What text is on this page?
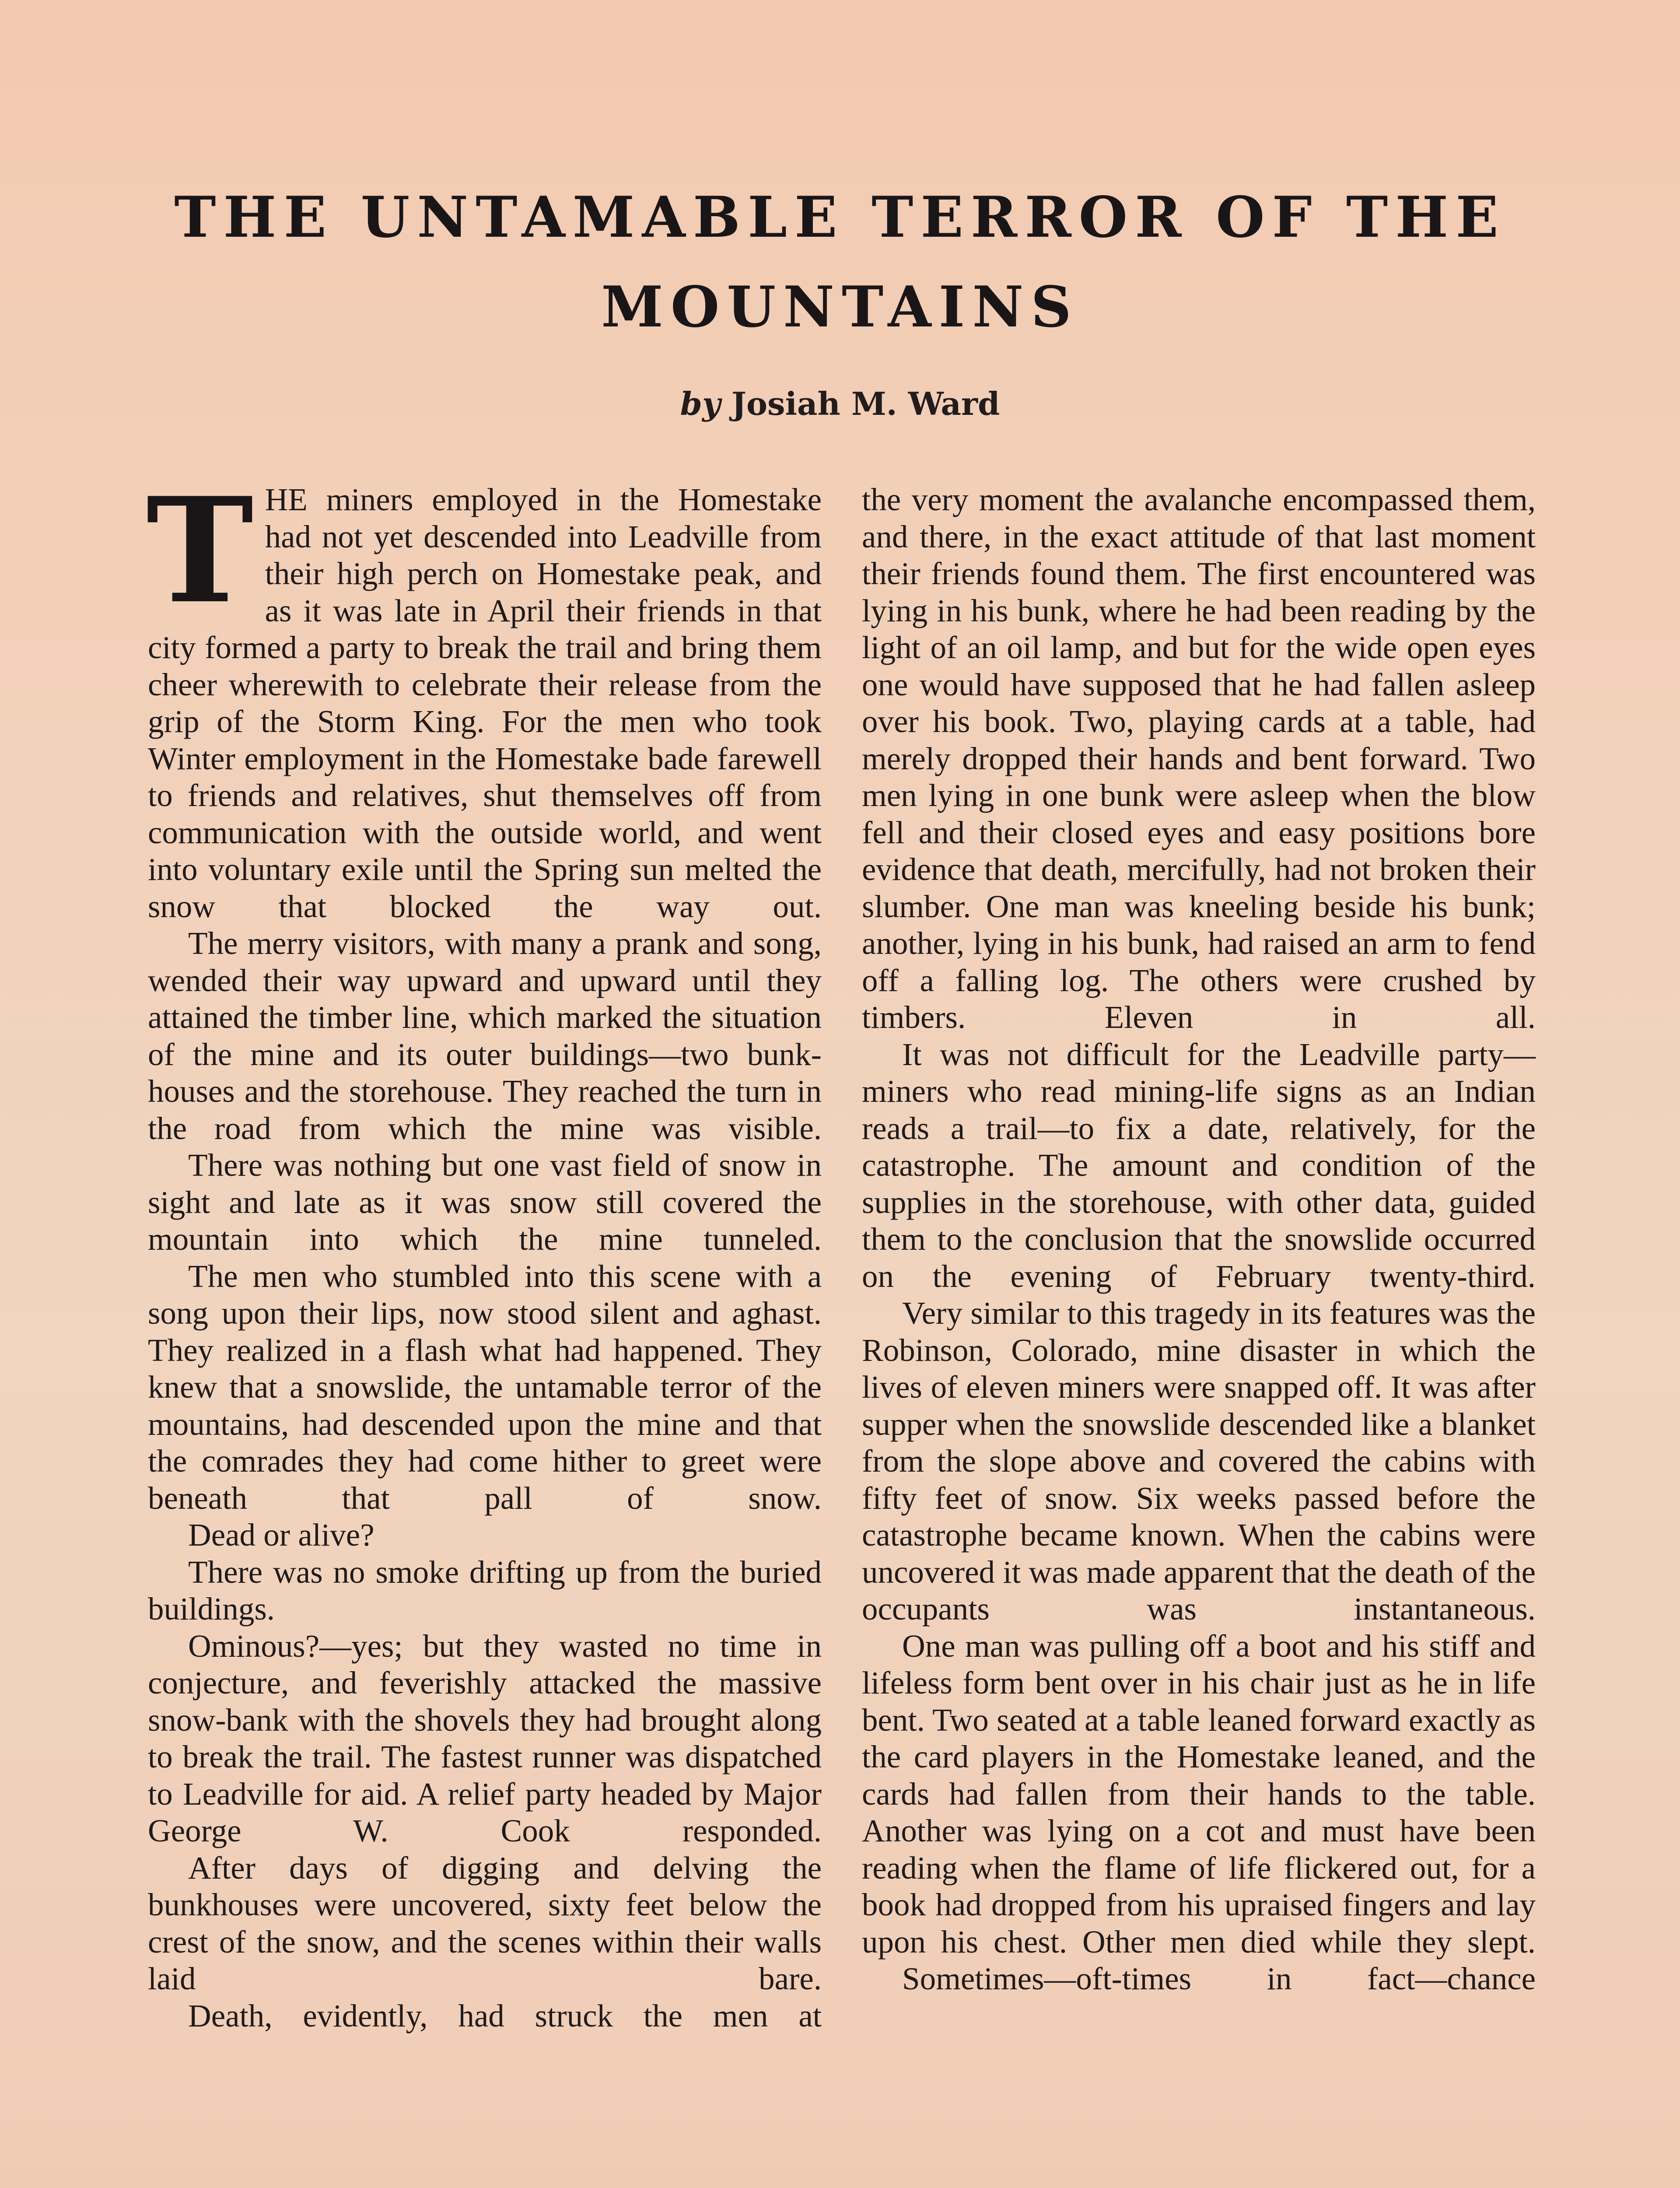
THE UNTAMABLE TERROR OF THE
MOUNTAINS

by Josiah M. Ward

THE miners employed in the Homestake had not yet descended into Leadville from their high perch on Homestake peak, and as it was late in April their friends in that city formed a party to break the trail and bring them cheer wherewith to celebrate their release from the grip of the Storm King. For the men who took Winter employment in the Homestake bade farewell to friends and relatives, shut themselves off from communication with the outside world, and went into voluntary exile until the Spring sun melted the snow that blocked the way out.

The merry visitors, with many a prank and song, wended their way upward and upward until they attained the timber line, which marked the situation of the mine and its outer buildings—two bunk-houses and the storehouse. They reached the turn in the road from which the mine was visible.

There was nothing but one vast field of snow in sight and late as it was snow still covered the mountain into which the mine tunneled.

The men who stumbled into this scene with a song upon their lips, now stood silent and aghast. They realized in a flash what had happened. They knew that a snowslide, the untamable terror of the mountains, had descended upon the mine and that the comrades they had come hither to greet were beneath that pall of snow.

Dead or alive?

There was no smoke drifting up from the buried buildings.

Ominous?—yes; but they wasted no time in conjecture, and feverishly attacked the massive snow-bank with the shovels they had brought along to break the trail. The fastest runner was dispatched to Leadville for aid. A relief party headed by Major George W. Cook responded.

After days of digging and delving the bunkhouses were uncovered, sixty feet below the crest of the snow, and the scenes within their walls laid bare.

Death, evidently, had struck the men at

the very moment the avalanche encompassed them, and there, in the exact attitude of that last moment their friends found them. The first encountered was lying in his bunk, where he had been reading by the light of an oil lamp, and but for the wide open eyes one would have supposed that he had fallen asleep over his book. Two, playing cards at a table, had merely dropped their hands and bent forward. Two men lying in one bunk were asleep when the blow fell and their closed eyes and easy positions bore evidence that death, mercifully, had not broken their slumber. One man was kneeling beside his bunk; another, lying in his bunk, had raised an arm to fend off a falling log. The others were crushed by timbers. Eleven in all.

It was not difficult for the Leadville party—miners who read mining-life signs as an Indian reads a trail—to fix a date, relatively, for the catastrophe. The amount and condition of the supplies in the storehouse, with other data, guided them to the conclusion that the snowslide occurred on the evening of February twenty-third.

Very similar to this tragedy in its features was the Robinson, Colorado, mine disaster in which the lives of eleven miners were snapped off. It was after supper when the snowslide descended like a blanket from the slope above and covered the cabins with fifty feet of snow. Six weeks passed before the catastrophe became known. When the cabins were uncovered it was made apparent that the death of the occupants was instantaneous.

One man was pulling off a boot and his stiff and lifeless form bent over in his chair just as he in life bent. Two seated at a table leaned forward exactly as the card players in the Homestake leaned, and the cards had fallen from their hands to the table. Another was lying on a cot and must have been reading when the flame of life flickered out, for a book had dropped from his upraised fingers and lay upon his chest. Other men died while they slept.

Sometimes—oft-times in fact—chance
